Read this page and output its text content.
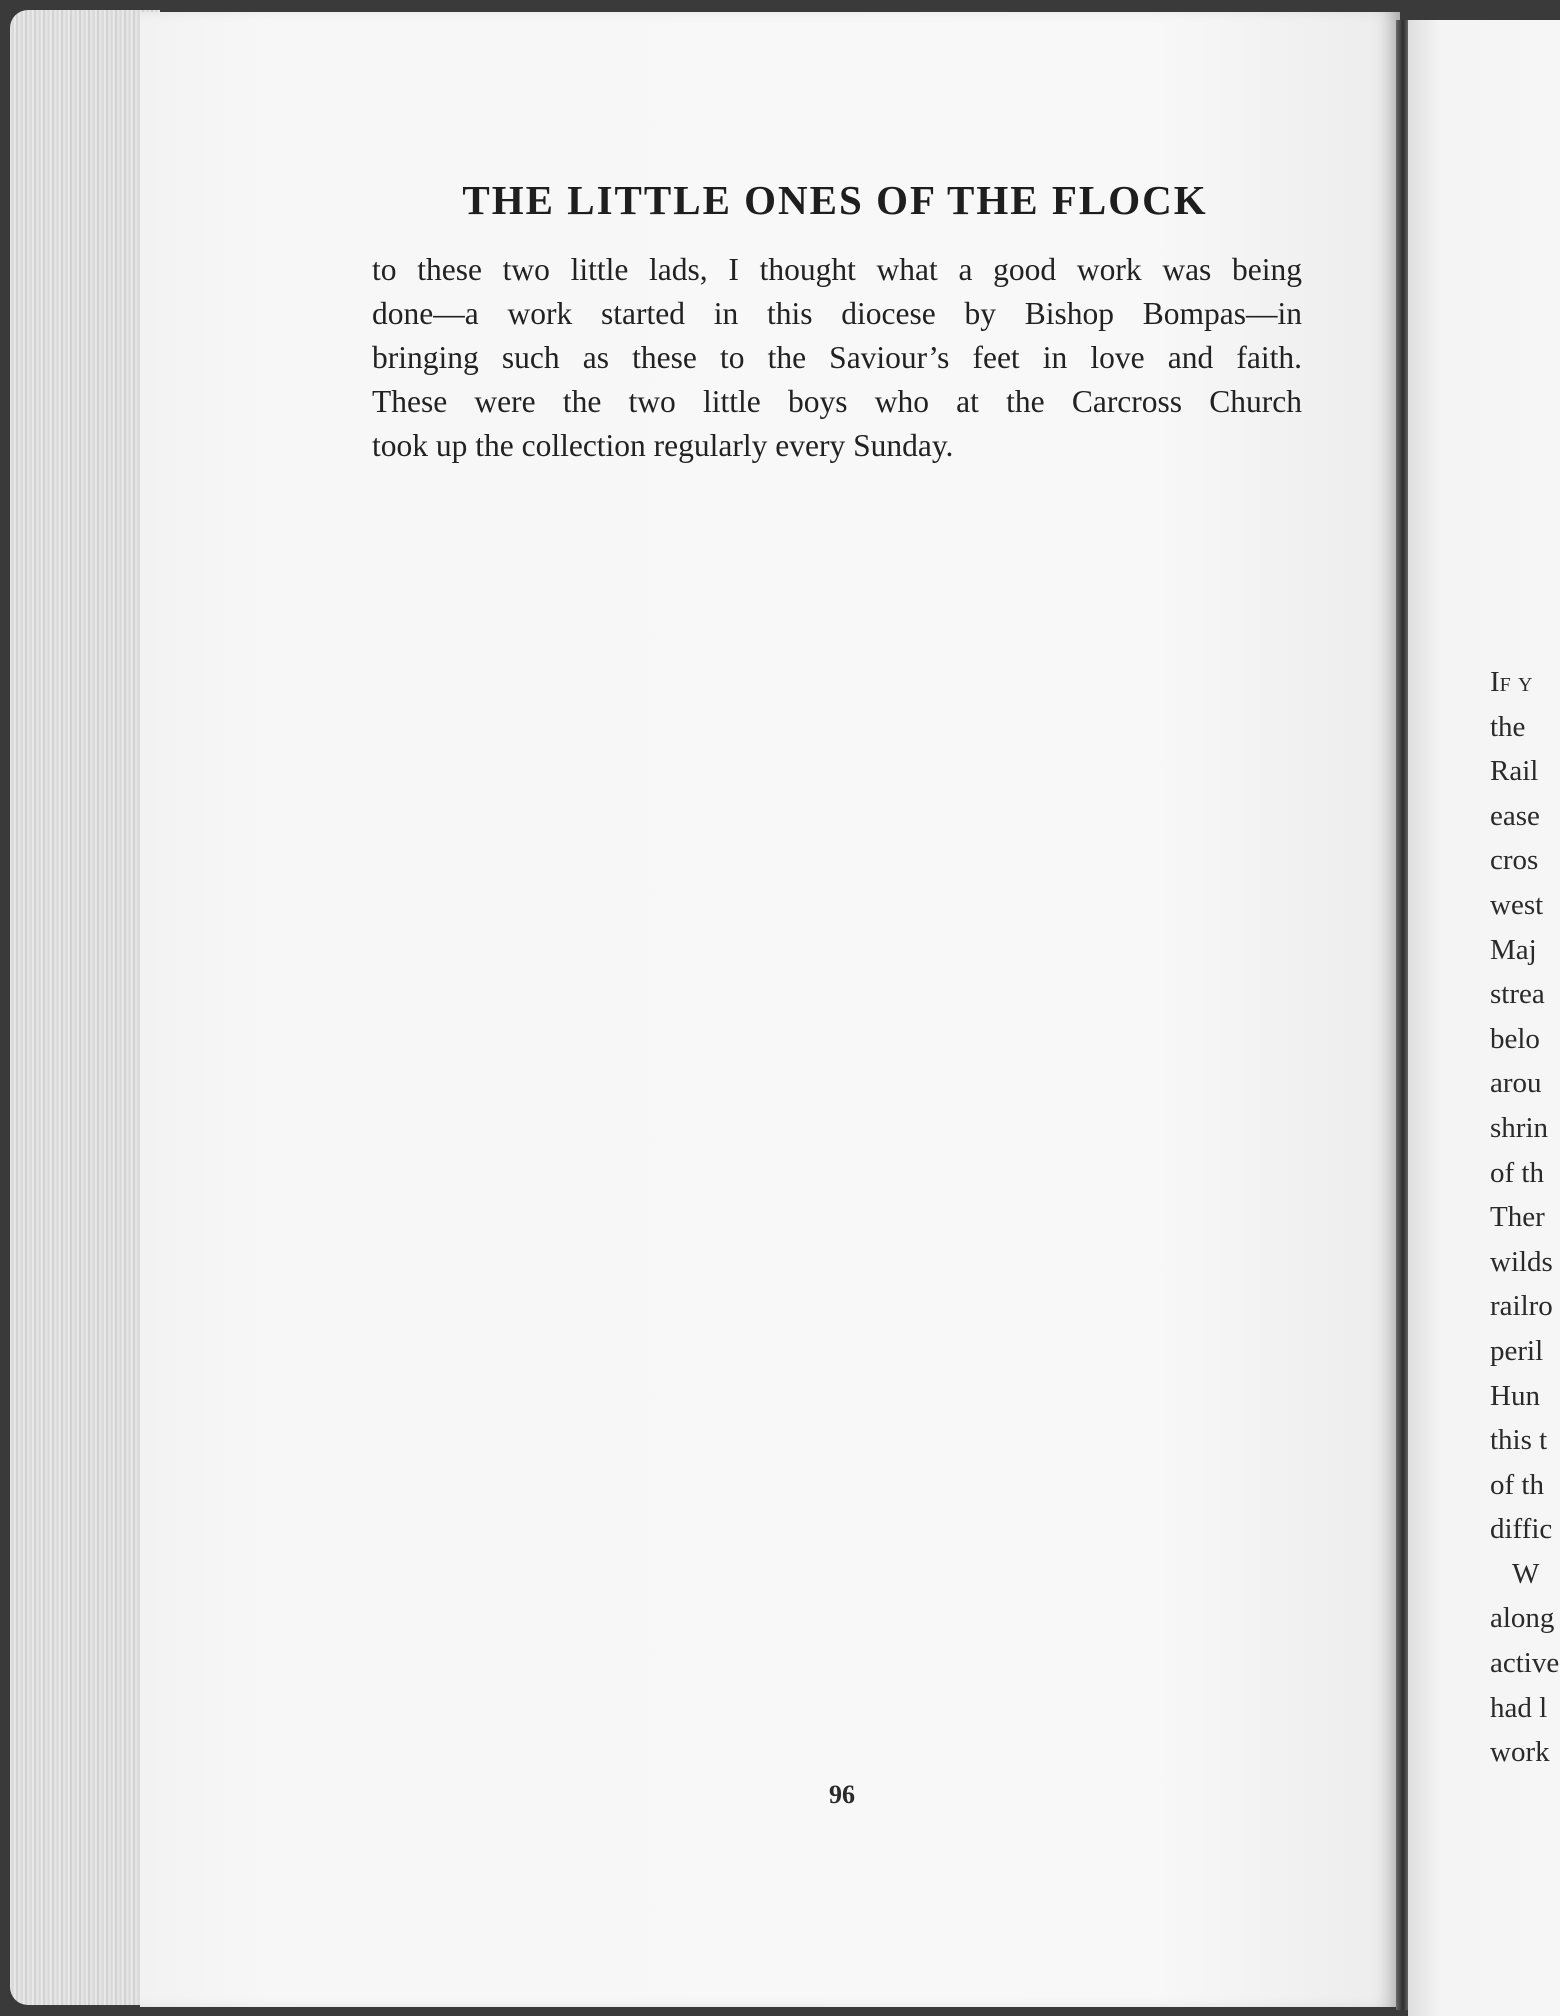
THE LITTLE ONES OF THE FLOCK
to these two little lads, I thought what a good work was being
done—a work started in this diocese by Bishop Bompas—in
bringing such as these to the Saviour’s feet in love and faith.
These were the two little boys who at the Carcross Church
took up the collection regularly every Sunday.
96
If y
the
Rail
ease
cros
west
Maj
strea
belo
arou
shrin
of th
Ther
wilds
railro
peril
Hun
this t
of th
diffic
W
along
active
had l
work
